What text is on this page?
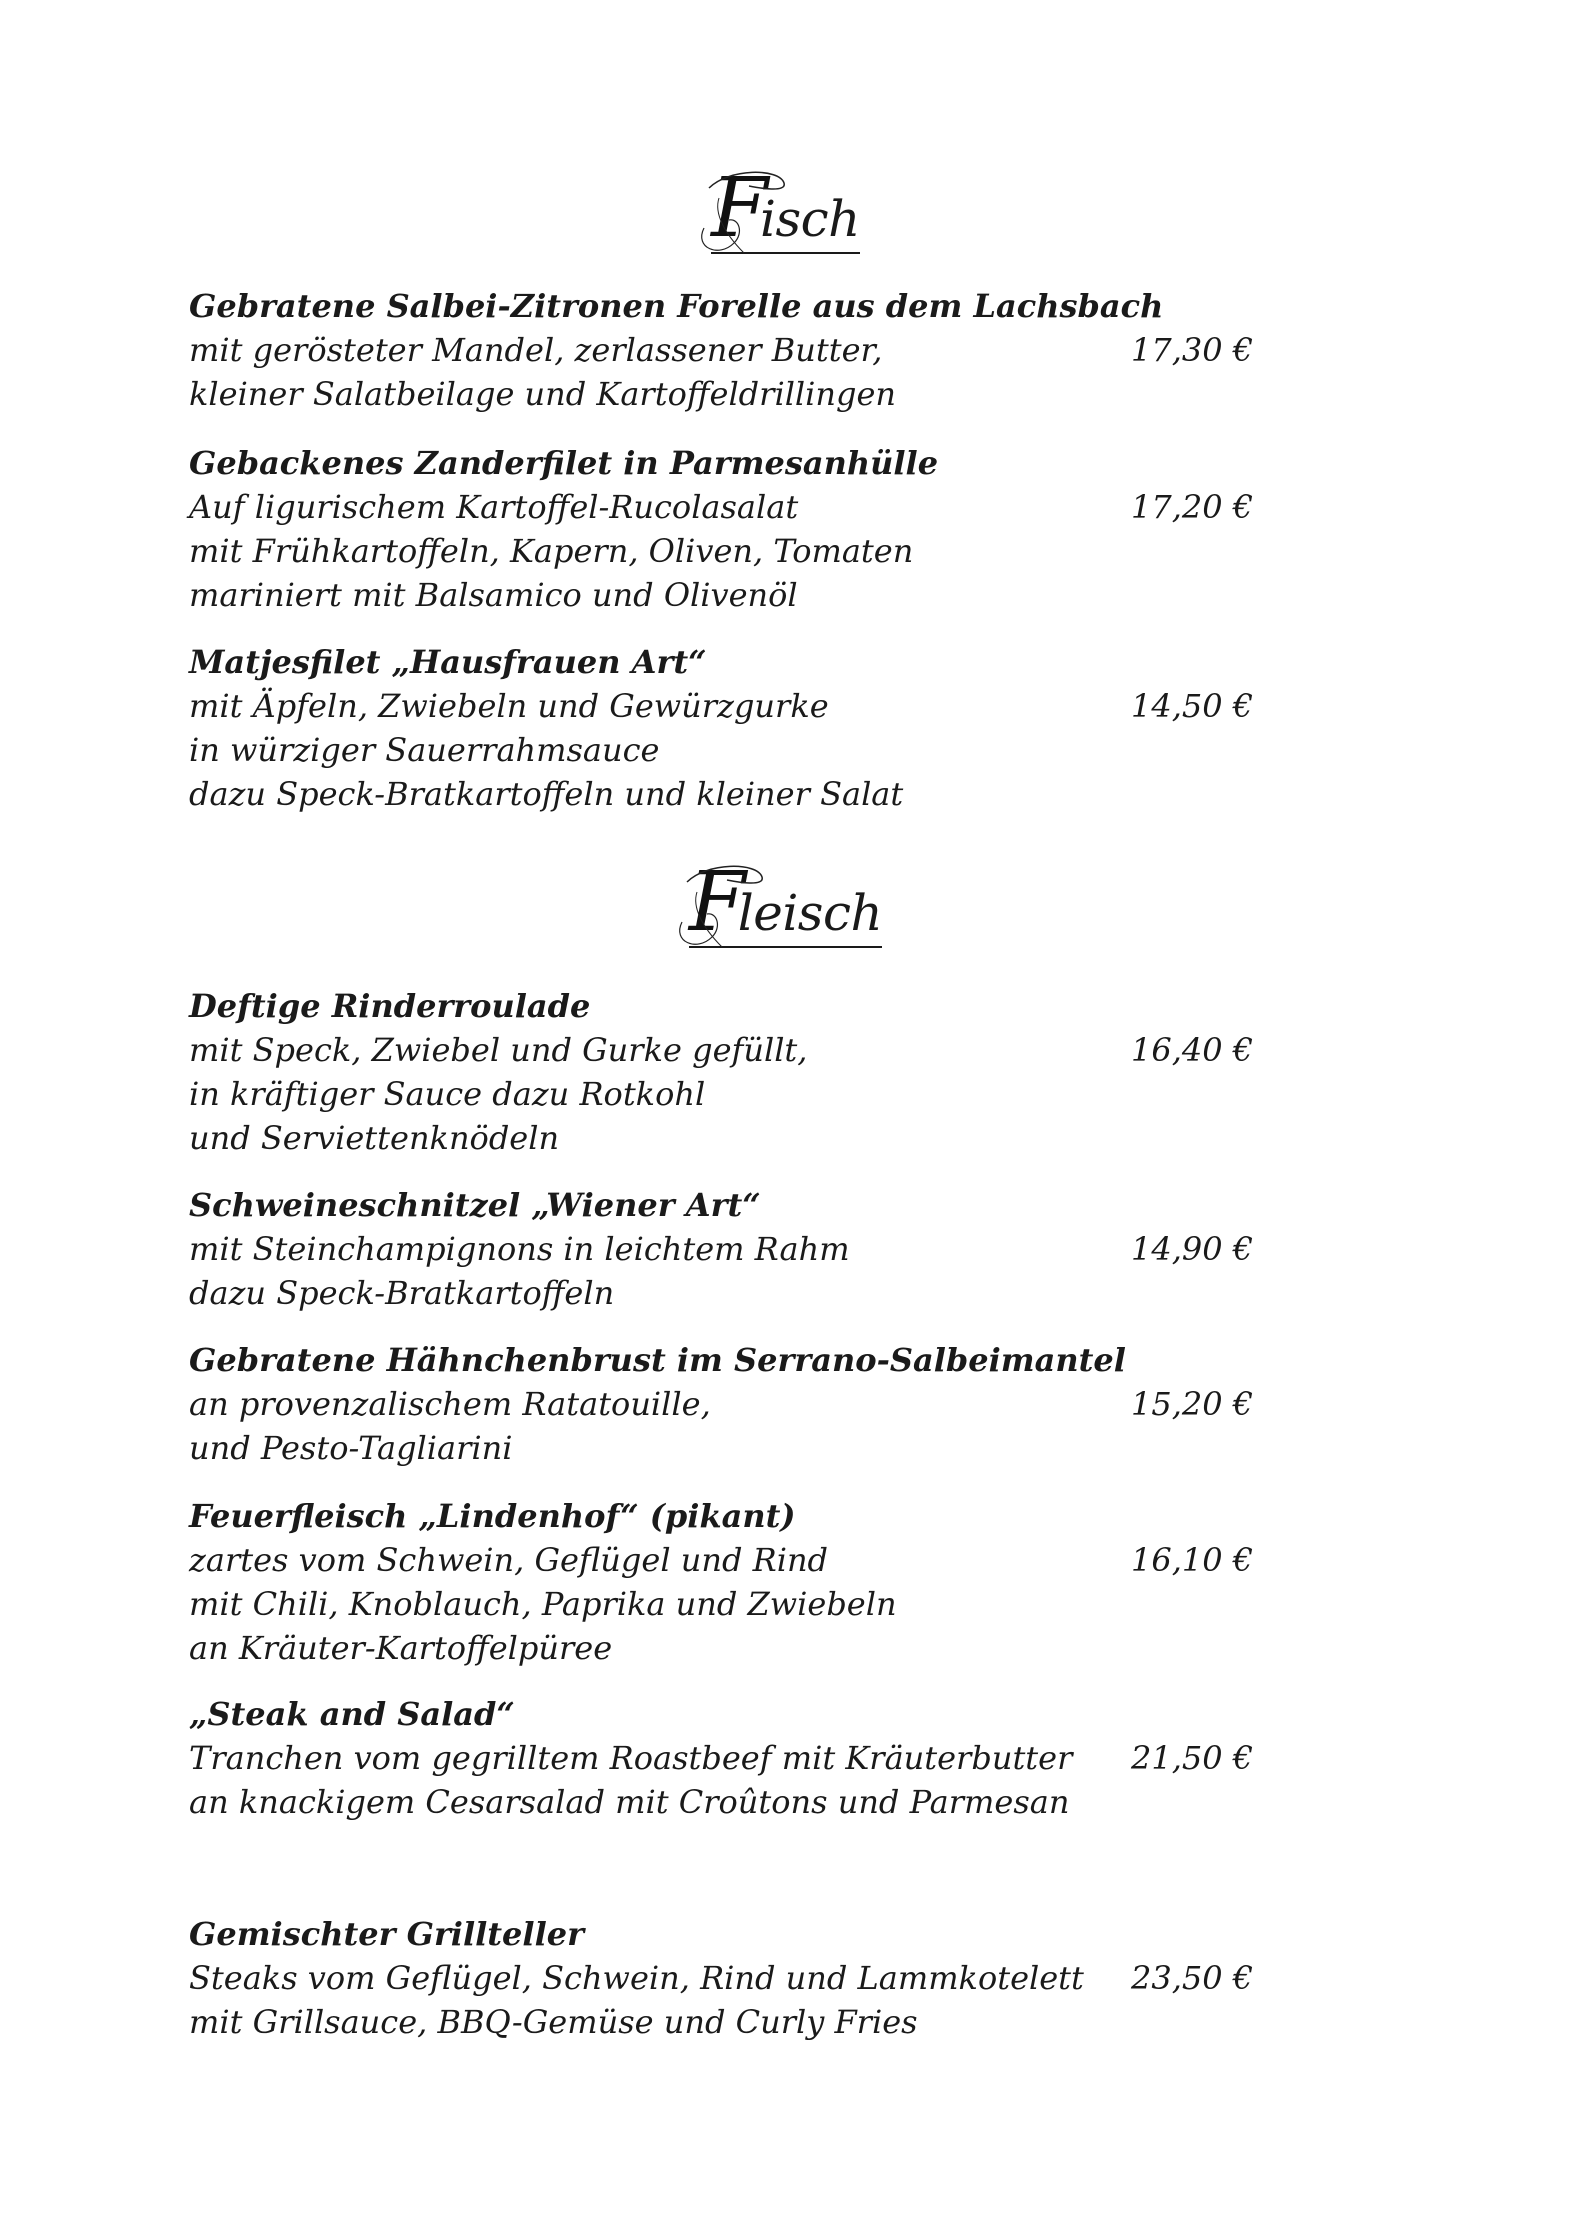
F
isch
Gebratene Salbei-Zitronen Forelle aus dem Lachsbach
mit gerösteter Mandel, zerlassener Butter,	17,30 €
kleiner Salatbeilage und Kartoffeldrillingen
Gebackenes Zanderfilet in Parmesanhülle
Auf ligurischem Kartoffel-Rucolasalat	17,20 €
mit Frühkartoffeln, Kapern, Oliven, Tomaten
mariniert mit Balsamico und Olivenöl
Matjesfilet „Hausfrauen Art“
mit Äpfeln, Zwiebeln und Gewürzgurke	14,50 €
in würziger Sauerrahmsauce
dazu Speck-Bratkartoffeln und kleiner Salat
F
leisch
Deftige Rinderroulade
mit Speck, Zwiebel und Gurke gefüllt,	16,40 €
in kräftiger Sauce dazu Rotkohl
und Serviettenknödeln
Schweineschnitzel „Wiener Art“
mit Steinchampignons in leichtem Rahm	14,90 €
dazu Speck-Bratkartoffeln
Gebratene Hähnchenbrust im Serrano-Salbeimantel
an provenzalischem Ratatouille,	15,20 €
und Pesto-Tagliarini
Feuerfleisch „Lindenhof“ (pikant)
zartes vom Schwein, Geflügel und Rind	16,10 €
mit Chili, Knoblauch, Paprika und Zwiebeln
an Kräuter-Kartoffelpüree
„Steak and Salad“
Tranchen vom gegrilltem Roastbeef mit Kräuterbutter 21,50 €
an knackigem Cesarsalad mit Croûtons und Parmesan
Gemischter Grillteller
Steaks vom Geflügel, Schwein, Rind und Lammkotelett 23,50 €
mit Grillsauce, BBQ-Gemüse und Curly Fries
